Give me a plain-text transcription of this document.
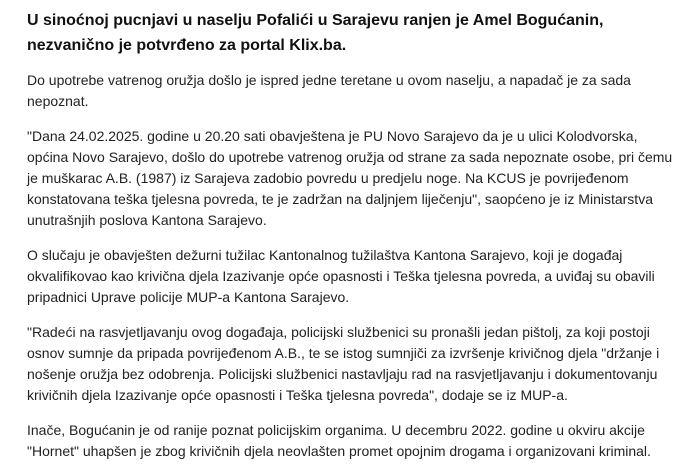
U sinoćnoj pucnjavi u naselju Pofalići u Sarajevu ranjen je Amel Bogućanin, nezvanično je potvrđeno za portal Klix.ba.

Do upotrebe vatrenog oružja došlo je ispred jedne teretane u ovom naselju, a napadač je za sada nepoznat.

"Dana 24.02.2025. godine u 20.20 sati obavještena je PU Novo Sarajevo da je u ulici Kolodvorska, općina Novo Sarajevo, došlo do upotrebe vatrenog oružja od strane za sada nepoznate osobe, pri čemu je muškarac A.B. (1987) iz Sarajeva zadobio povredu u predjelu noge. Na KCUS je povrijeđenom konstatovana teška tjelesna povreda, te je zadržan na daljnjem liječenju", saopćeno je iz Ministarstva unutrašnjih poslova Kantona Sarajevo.

O slučaju je obavješten dežurni tužilac Kantonalnog tužilaštva Kantona Sarajevo, koji je događaj okvalifikovao kao krivična djela Izazivanje opće opasnosti i Teška tjelesna povreda, a uviđaj su obavili pripadnici Uprave policije MUP-a Kantona Sarajevo.

"Radeći na rasvjetljavanju ovog događaja, policijski službenici su pronašli jedan pištolj, za koji postoji osnov sumnje da pripada povrijeđenom A.B., te se istog sumnjiči za izvršenje krivičnog djela "držanje i nošenje oružja bez odobrenja. Policijski službenici nastavljaju rad na rasvjetljavanju i dokumentovanju krivičnih djela Izazivanje opće opasnosti i Teška tjelesna povreda", dodaje se iz MUP-a.

Inače, Bogućanin je od ranije poznat policijskim organima. U decembru 2022. godine u okviru akcije "Hornet" uhapšen je zbog krivičnih djela neovlašten promet opojnim drogama i organizovani kriminal.
